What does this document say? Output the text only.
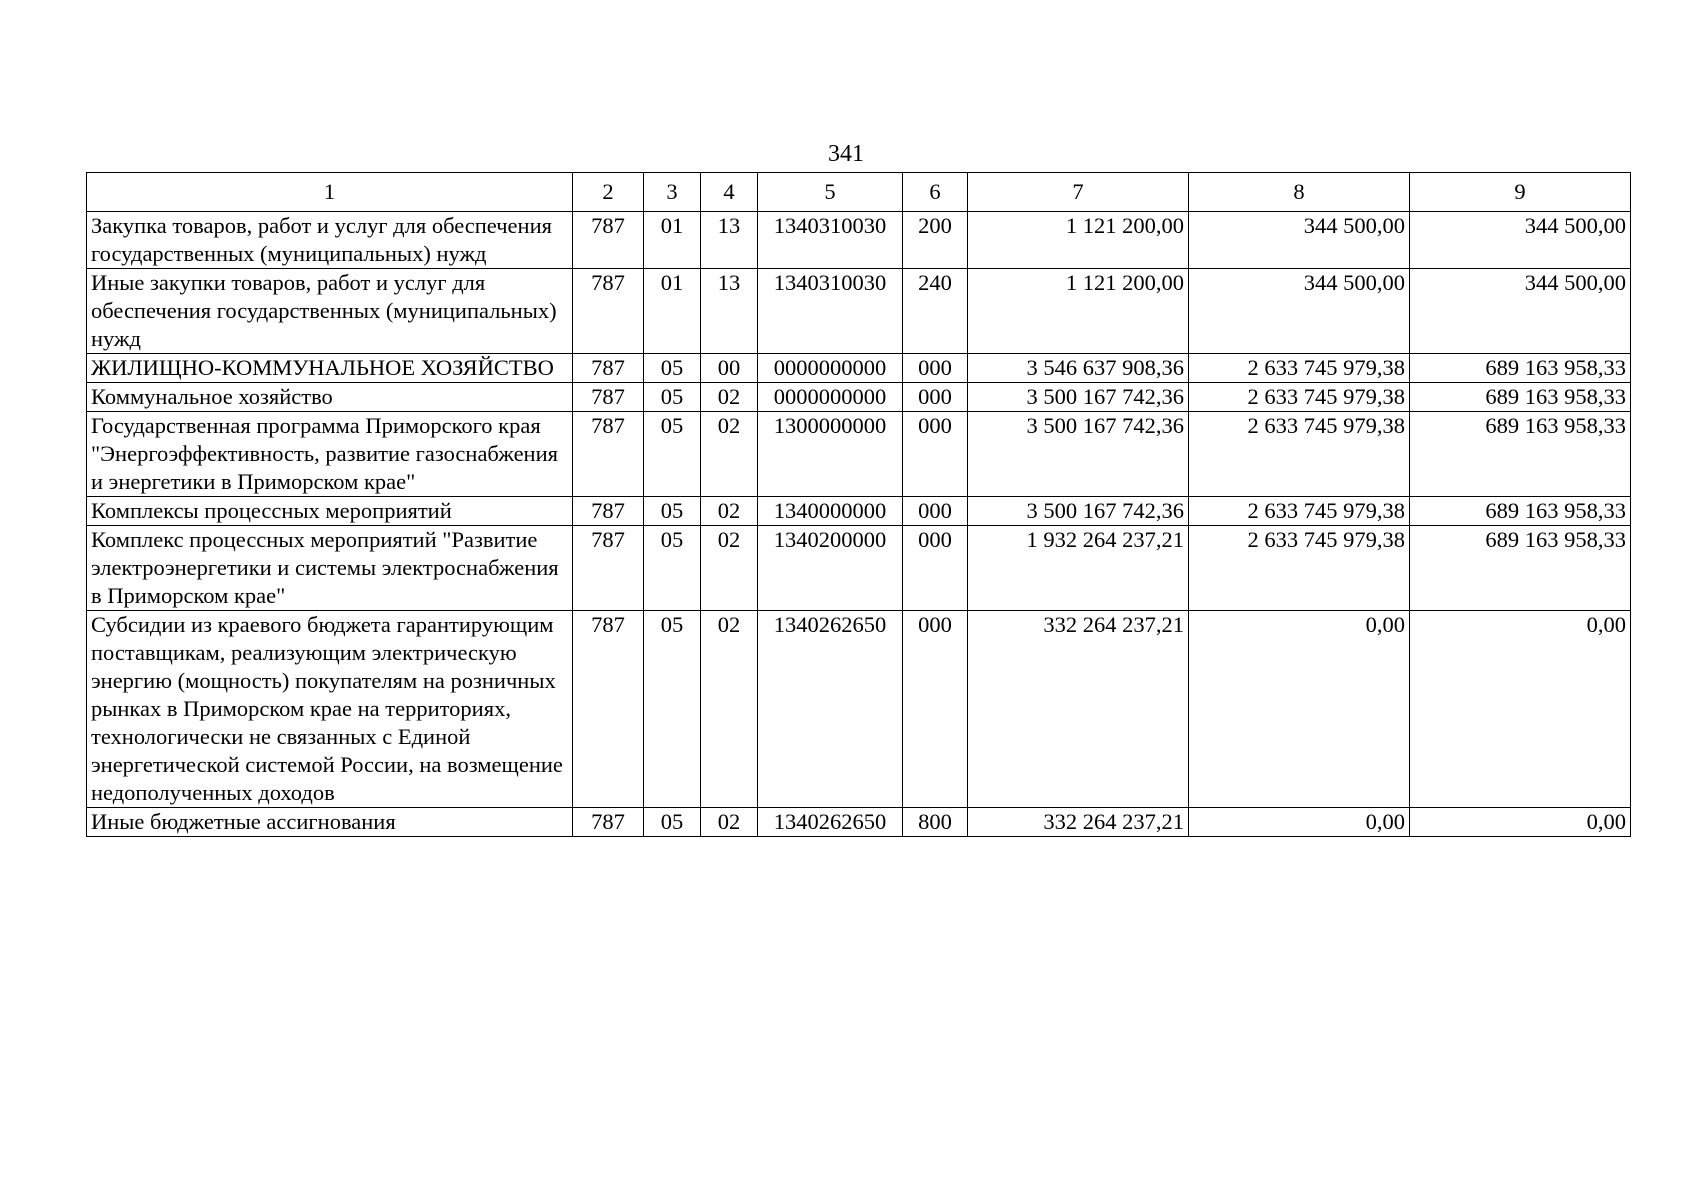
341
1	2	3	4	5	6	7	8	9
Закупка товаров, работ и услуг для обеспечения государственных (муниципальных) нужд	787	01	13	1340310030	200	1 121 200,00	344 500,00	344 500,00
Иные закупки товаров, работ и услуг для обеспечения государственных (муниципальных) нужд	787	01	13	1340310030	240	1 121 200,00	344 500,00	344 500,00
ЖИЛИЩНО-КОММУНАЛЬНОЕ ХОЗЯЙСТВО	787	05	00	0000000000	000	3 546 637 908,36	2 633 745 979,38	689 163 958,33
Коммунальное хозяйство	787	05	02	0000000000	000	3 500 167 742,36	2 633 745 979,38	689 163 958,33
Государственная программа Приморского края "Энергоэффективность, развитие газоснабжения и энергетики в Приморском крае"	787	05	02	1300000000	000	3 500 167 742,36	2 633 745 979,38	689 163 958,33
Комплексы процессных мероприятий	787	05	02	1340000000	000	3 500 167 742,36	2 633 745 979,38	689 163 958,33
Комплекс процессных мероприятий "Развитие электроэнергетики и системы электроснабжения в Приморском крае"	787	05	02	1340200000	000	1 932 264 237,21	2 633 745 979,38	689 163 958,33
Субсидии из краевого бюджета гарантирующим поставщикам, реализующим электрическую энергию (мощность) покупателям на розничных рынках в Приморском крае на территориях, технологически не связанных с Единой энергетической системой России, на возмещение недополученных доходов	787	05	02	1340262650	000	332 264 237,21	0,00	0,00
Иные бюджетные ассигнования	787	05	02	1340262650	800	332 264 237,21	0,00	0,00
